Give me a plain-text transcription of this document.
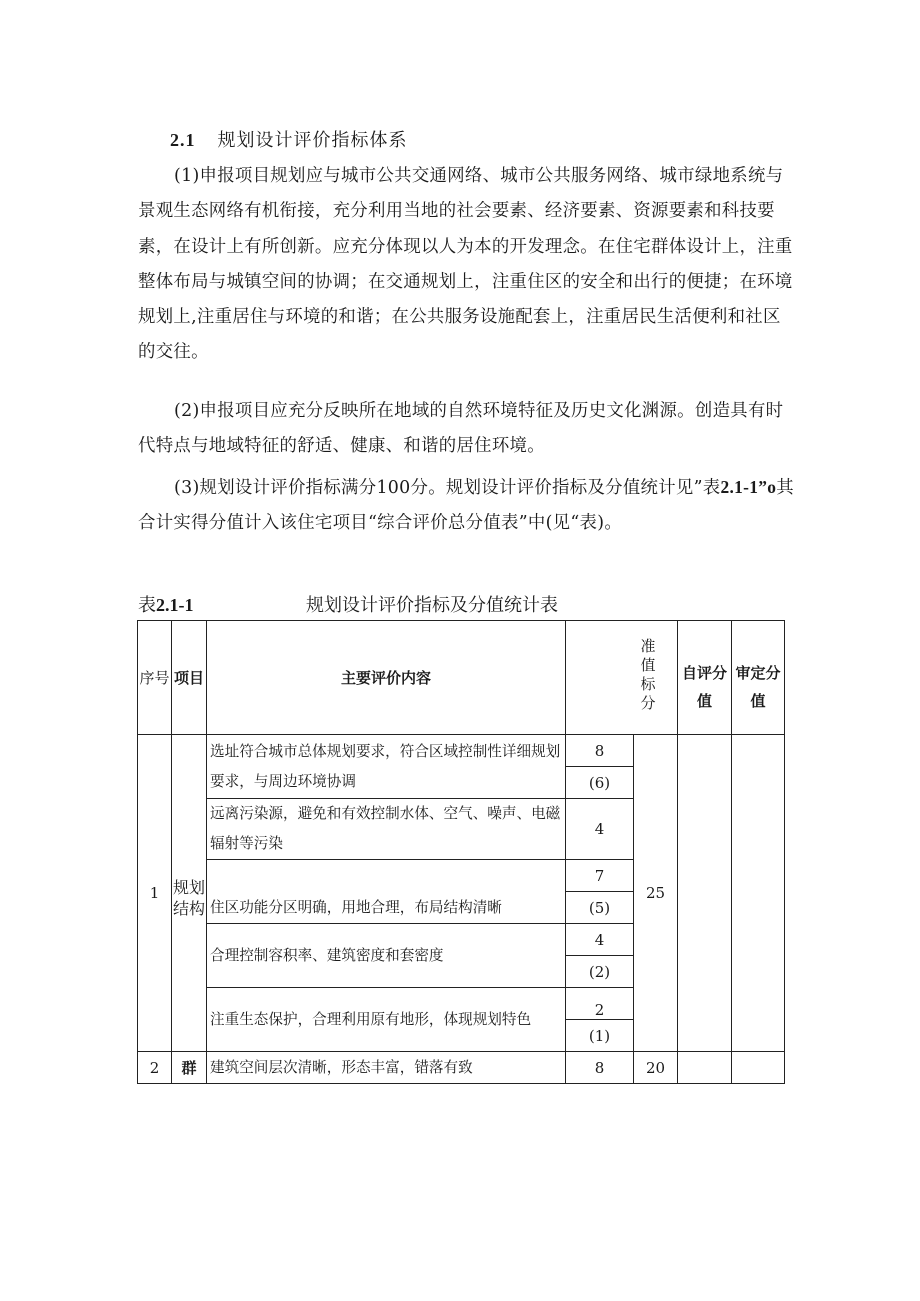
2.1 规划设计评价指标体系
(1)申报项目规划应与城市公共交通网络、城市公共服务网络、城市绿地系统与景观生态网络有机衔接，充分利用当地的社会要素、经济要素、资源要素和科技要素，在设计上有所创新。应充分体现以人为本的开发理念。在住宅群体设计上，注重整体布局与城镇空间的协调；在交通规划上，注重住区的安全和出行的便捷；在环境规划上,注重居住与环境的和谐；在公共服务设施配套上，注重居民生活便利和社区的交往。
(2)申报项目应充分反映所在地域的自然环境特征及历史文化渊源。创造具有时代特点与地域特征的舒适、健康、和谐的居住环境。
(3)规划设计评价指标满分100分。规划设计评价指标及分值统计见”表2.1-1”o其合计实得分值计入该住宅项目“综合评价总分值表”中(见“表)。
表2.1-1	规划设计评价指标及分值统计表
序号	项目	主要评价内容	准值标分		自评分值	审定分值
1	规划结构	选址符合城市总体规划要求，符合区域控制性详细规划要求，与周边环境协调	8	25		
			(6)			
		远离污染源，避免和有效控制水体、空气、噪声、电磁辐射等污染	4			

		住区功能分区明确，用地合理，布局结构清晰	7			
			(5)			
		合理控制容积率、建筑密度和套密度	4			
			(2)			
		注重生态保护，合理利用原有地形，体现规划特色	2			
			(1)			
2	群	建筑空间层次清晰，形态丰富，错落有致	8	20		
